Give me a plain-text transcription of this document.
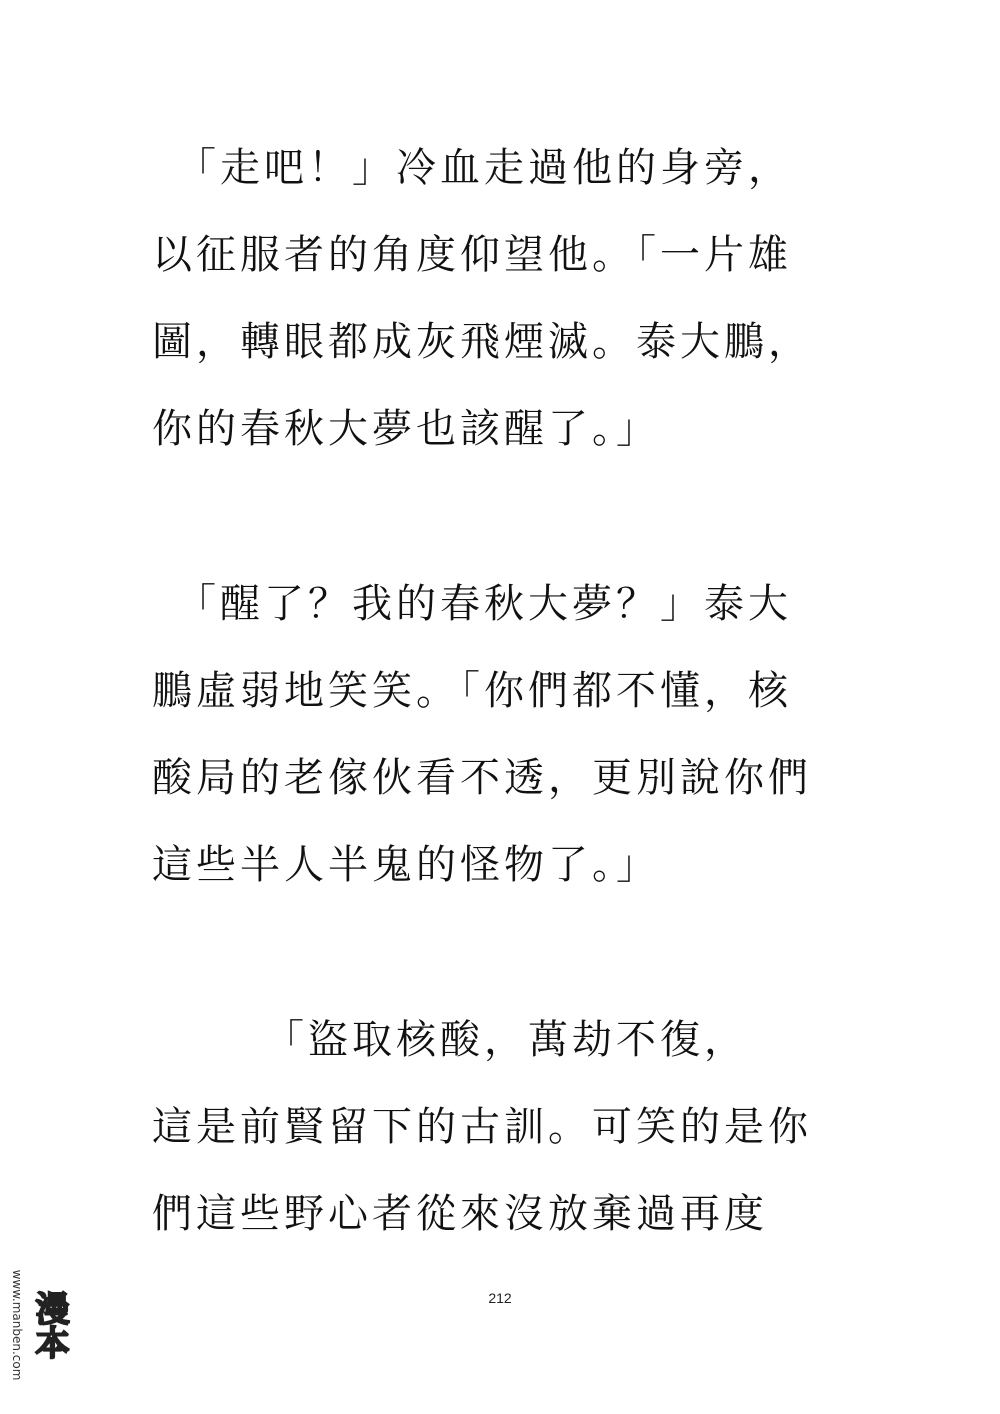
　「走吧！」冷血走過他的身旁，
以征服者的角度仰望他。「一片雄
圖，轉眼都成灰飛煙滅。泰大鵬，
你的春秋大夢也該醒了。」
　「醒了？我的春秋大夢？」泰大
鵬虛弱地笑笑。「你們都不懂，核
酸局的老傢伙看不透，更別說你們
這些半人半鬼的怪物了。」
　　　「盜取核酸，萬劫不復，
這是前賢留下的古訓。可笑的是你
們這些野心者從來沒放棄過再度
212
www.manben.com 漫本
